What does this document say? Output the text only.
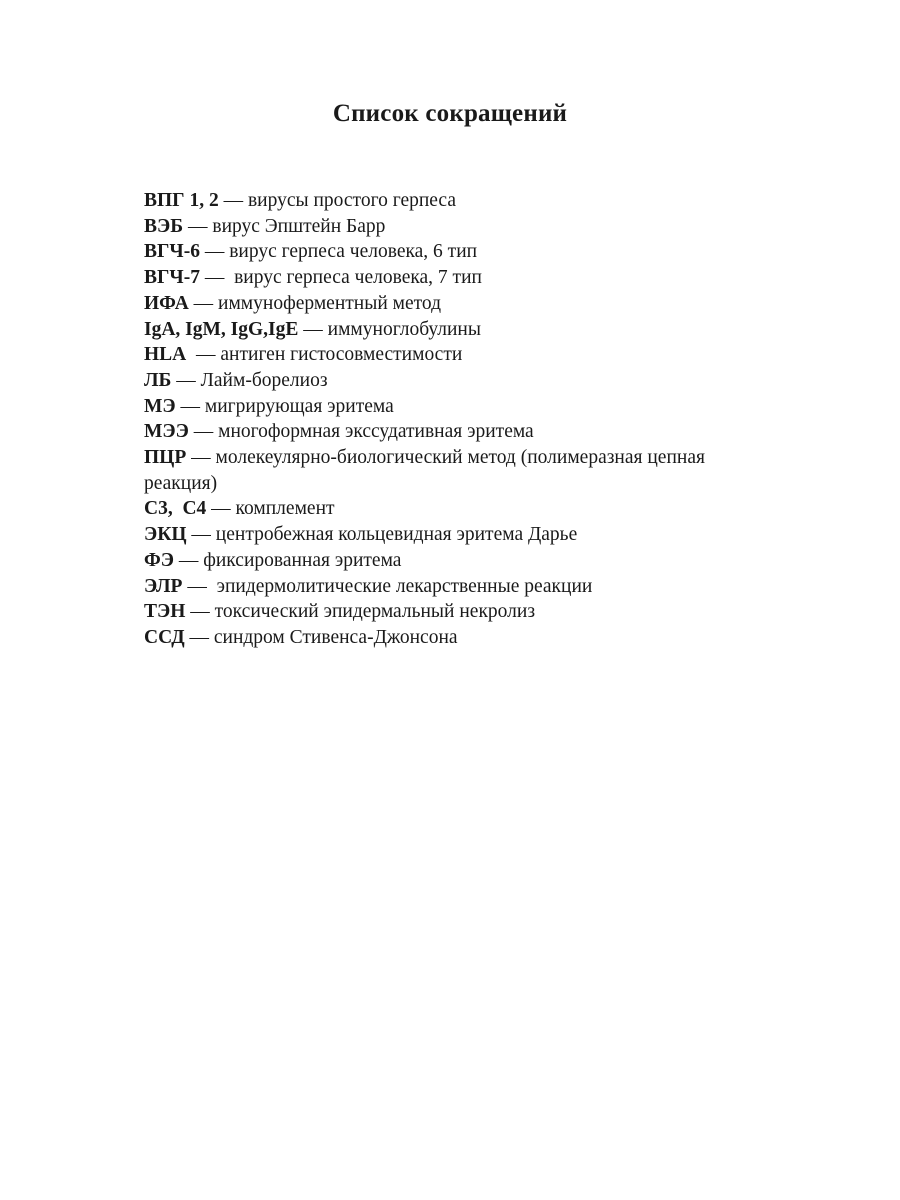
Список сокращений
ВПГ 1, 2 — вирусы простого герпеса
ВЭБ — вирус Эпштейн Барр
ВГЧ-6 — вирус герпеса человека, 6 тип
ВГЧ-7 —  вирус герпеса человека, 7 тип
ИФА — иммуноферментный метод
IgA, IgM, IgG,IgE — иммуноглобулины
HLA  — антиген гистосовместимости
ЛБ — Лайм-борелиоз
МЭ — мигрирующая эритема
МЭЭ — многоформная экссудативная эритема
ПЦР — молекеулярно-биологический метод (полимеразная цепная реакция)
С3,  С4 — комплемент
ЭКЦ — центробежная кольцевидная эритема Дарье
ФЭ — фиксированная эритема
ЭЛР —  эпидермолитические лекарственные реакции
ТЭН — токсический эпидермальный некролиз
ССД — синдром Стивенса-Джонсона
